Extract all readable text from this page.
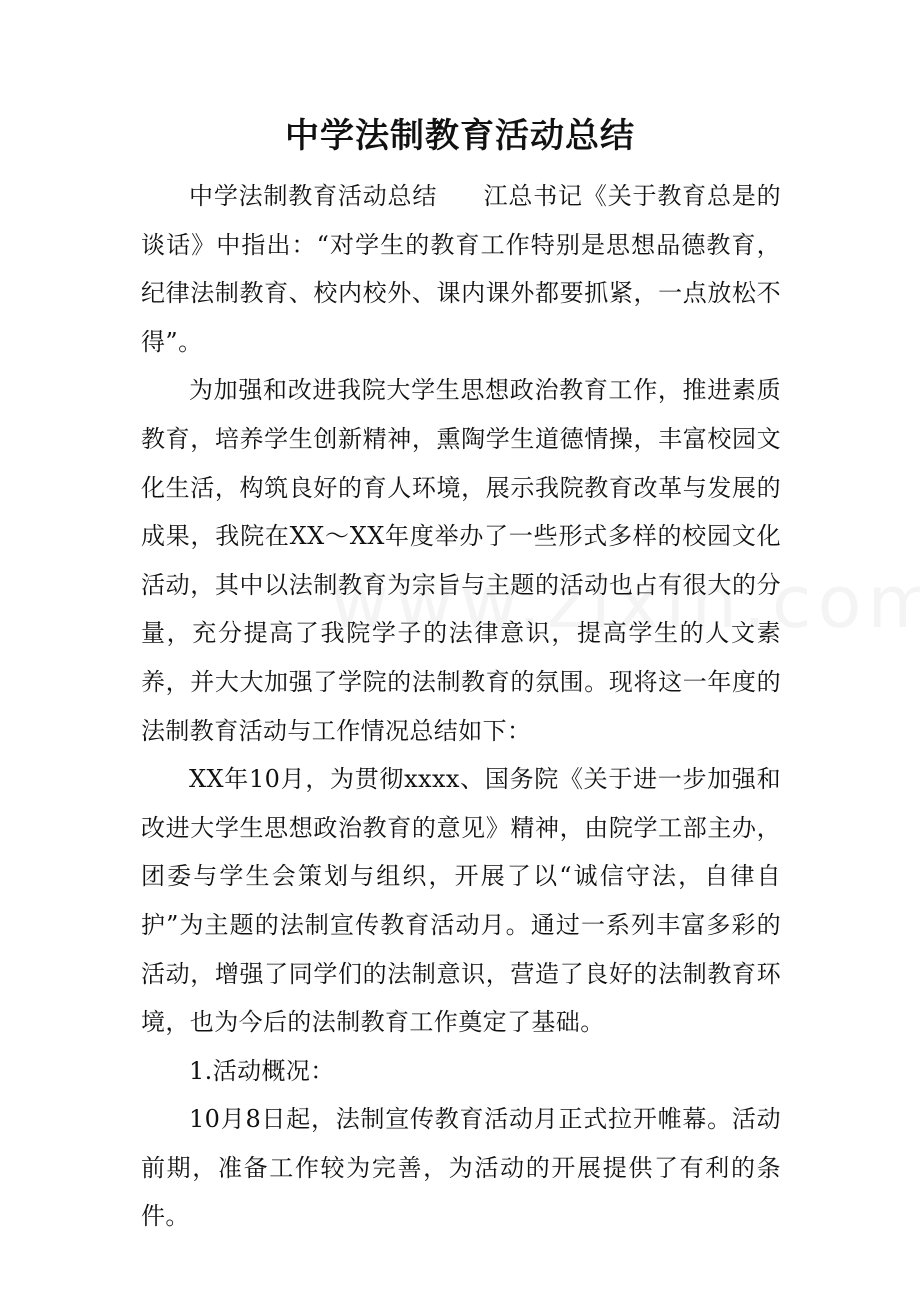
中学法制教育活动总结

中学法制教育活动总结 江总书记《关于教育总是的谈话》中指出：“对学生的教育工作特别是思想品德教育，纪律法制教育、校内校外、课内课外都要抓紧，一点放松不得”。

为加强和改进我院大学生思想政治教育工作，推进素质教育，培养学生创新精神，熏陶学生道德情操，丰富校园文化生活，构筑良好的育人环境，展示我院教育改革与发展的成果，我院在XX～XX年度举办了一些形式多样的校园文化活动，其中以法制教育为宗旨与主题的活动也占有很大的分量，充分提高了我院学子的法律意识，提高学生的人文素养，并大大加强了学院的法制教育的氛围。现将这一年度的法制教育活动与工作情况总结如下：

XX年10月，为贯彻xxxx、国务院《关于进一步加强和改进大学生思想政治教育的意见》精神，由院学工部主办，团委与学生会策划与组织，开展了以“诚信守法，自律自护”为主题的法制宣传教育活动月。通过一系列丰富多彩的活动，增强了同学们的法制意识，营造了良好的法制教育环境，也为今后的法制教育工作奠定了基础。

1.活动概况：

10月8日起，法制宣传教育活动月正式拉开帷幕。活动前期，准备工作较为完善，为活动的开展提供了有利的条件。
